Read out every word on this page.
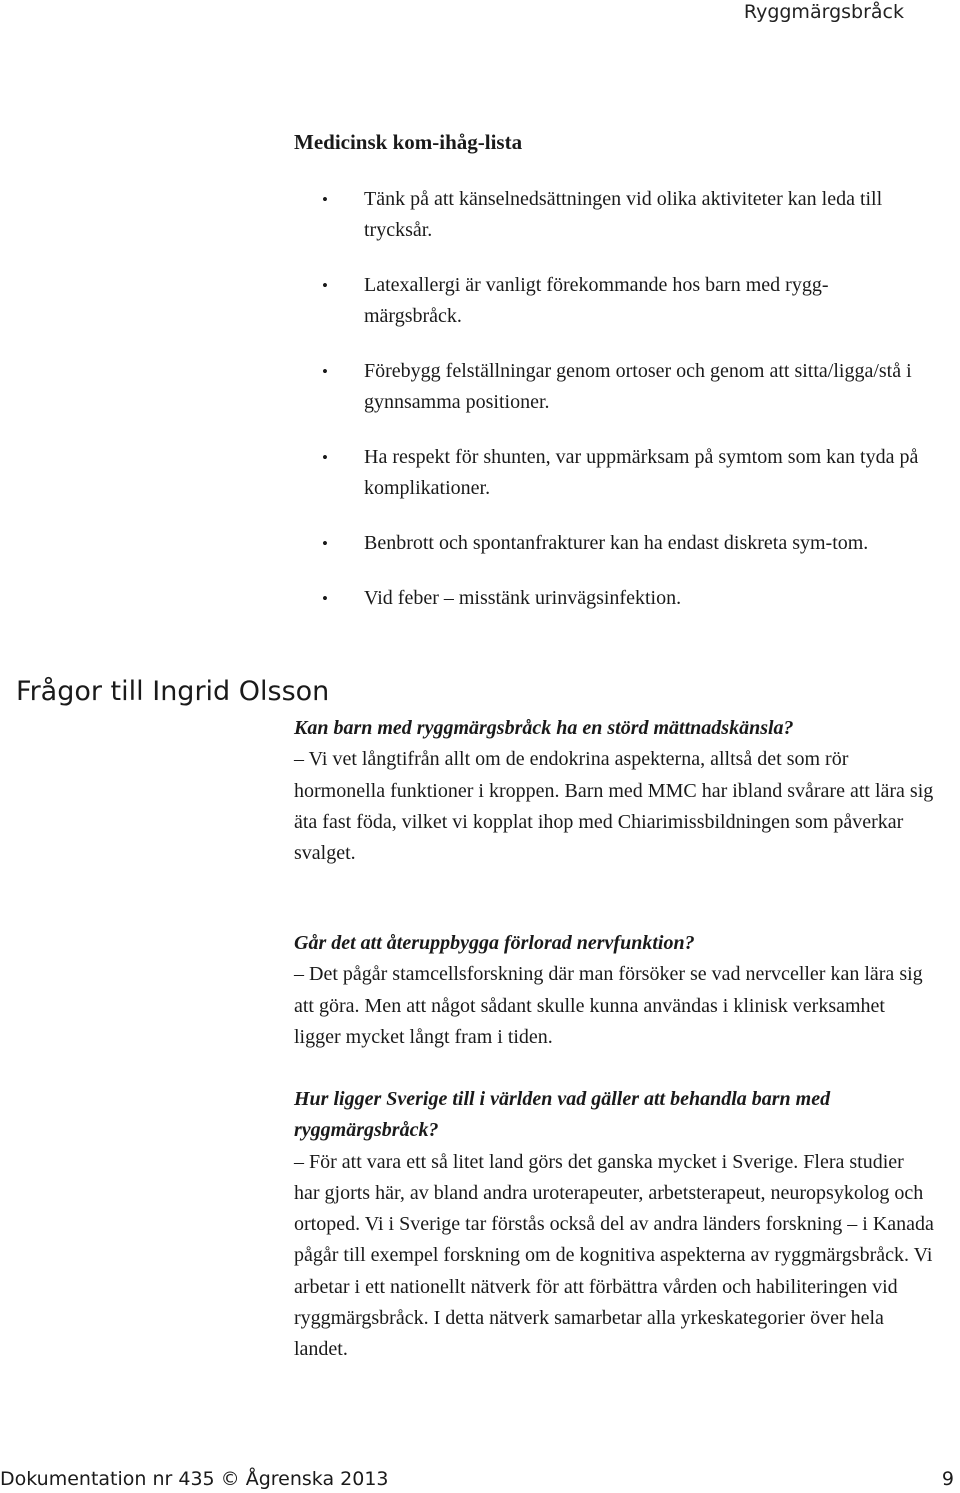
Ryggmärgsbråck
Medicinsk kom-ihåg-lista
• Tänk på att känselnedsättningen vid olika aktiviteter kan leda till trycksår.
• Latexallergi är vanligt förekommande hos barn med rygg-märgsbråck.
• Förebygg felställningar genom ortoser och genom att sitta/ligga/stå i gynnsamma positioner.
• Ha respekt för shunten, var uppmärksam på symtom som kan tyda på komplikationer.
• Benbrott och spontanfrakturer kan ha endast diskreta sym-tom.
• Vid feber – misstänk urinvägsinfektion.
Frågor till Ingrid Olsson
Kan barn med ryggmärgsbråck ha en störd mättnadskänsla?

– Vi vet långtifrån allt om de endokrina aspekterna, alltså det som rör hormonella funktioner i kroppen. Barn med MMC har ibland svårare att lära sig äta fast föda, vilket vi kopplat ihop med Chiarimissbildningen som påverkar svalget.

Går det att återuppbygga förlorad nervfunktion?

– Det pågår stamcellsforskning där man försöker se vad nervceller kan lära sig att göra. Men att något sådant skulle kunna användas i klinisk verksamhet ligger mycket långt fram i tiden.

Hur ligger Sverige till i världen vad gäller att behandla barn med ryggmärgsbråck?

– För att vara ett så litet land görs det ganska mycket i Sverige. Flera studier har gjorts här, av bland andra uroterapeuter, arbetsterapeut, neuropsykolog och ortoped. Vi i Sverige tar förstås också del av andra länders forskning – i Kanada pågår till exempel forskning om de kognitiva aspekterna av ryggmärgsbråck. Vi arbetar i ett nationellt nätverk för att förbättra vården och habiliteringen vid ryggmärgsbråck. I detta nätverk samarbetar alla yrkeskategorier över hela landet.

Dokumentation nr 435 © Ågrenska 2013	9
